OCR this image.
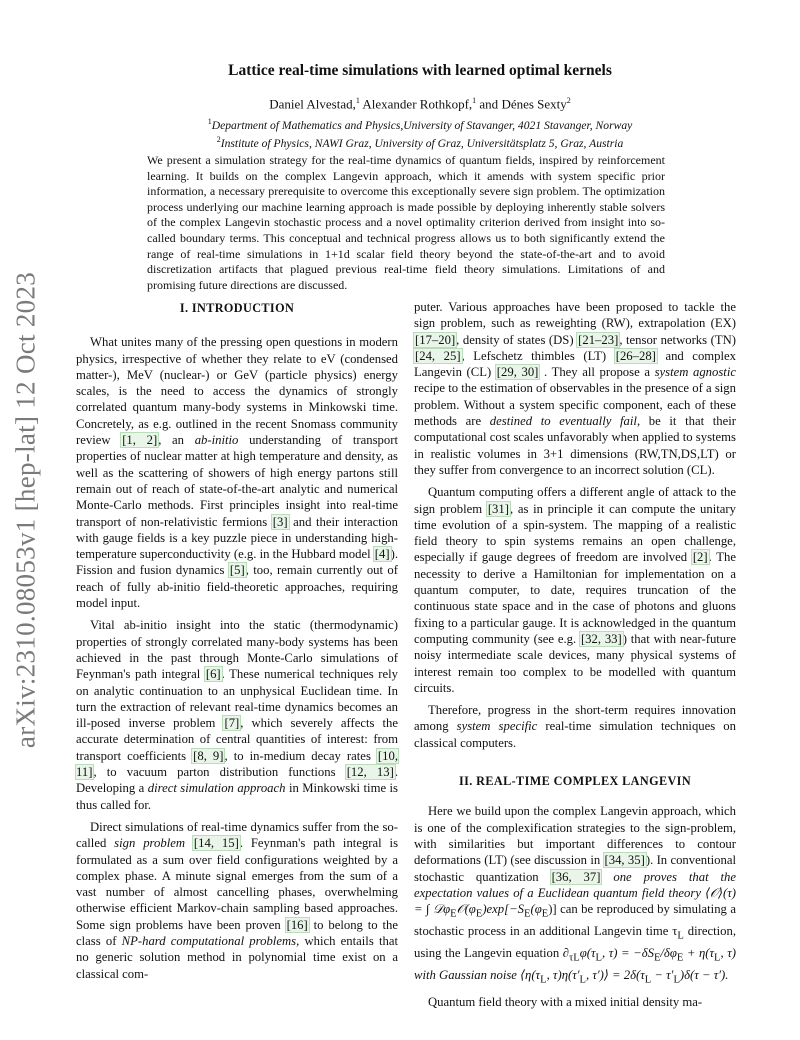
arXiv:2310.08053v1 [hep-lat] 12 Oct 2023
Lattice real-time simulations with learned optimal kernels
Daniel Alvestad,$^1$ Alexander Rothkopf,$^1$ and Dénes Sexty$^2$
$^1$Department of Mathematics and Physics,University of Stavanger, 4021 Stavanger, Norway
$^2$Institute of Physics, NAWI Graz, University of Graz, Universitätsplatz 5, Graz, Austria
We present a simulation strategy for the real-time dynamics of quantum fields, inspired by reinforcement learning. It builds on the complex Langevin approach, which it amends with system specific prior information, a necessary prerequisite to overcome this exceptionally severe sign problem. The optimization process underlying our machine learning approach is made possible by deploying inherently stable solvers of the complex Langevin stochastic process and a novel optimality criterion derived from insight into so-called boundary terms. This conceptual and technical progress allows us to both significantly extend the range of real-time simulations in 1+1d scalar field theory beyond the state-of-the-art and to avoid discretization artifacts that plagued previous real-time field theory simulations. Limitations of and promising future directions are discussed.
I. INTRODUCTION

What unites many of the pressing open questions in modern physics, irrespective of whether they relate to eV (condensed matter-), MeV (nuclear-) or GeV (particle physics) energy scales, is the need to access the dynamics of strongly correlated quantum many-body systems in Minkowski time. Concretely, as e.g. outlined in the recent Snomass community review [1, 2], an ab-initio understanding of transport properties of nuclear matter at high temperature and density, as well as the scattering of showers of high energy partons still remain out of reach of state-of-the-art analytic and numerical Monte-Carlo methods. First principles insight into real-time transport of non-relativistic fermions [3] and their interaction with gauge fields is a key puzzle piece in understanding high-temperature superconductivity (e.g. in the Hubbard model [4]). Fission and fusion dynamics [5], too, remain currently out of reach of fully ab-initio field-theoretic approaches, requiring model input.

Vital ab-initio insight into the static (thermodynamic) properties of strongly correlated many-body systems has been achieved in the past through Monte-Carlo simulations of Feynman's path integral [6]. These numerical techniques rely on analytic continuation to an unphysical Euclidean time. In turn the extraction of relevant real-time dynamics becomes an ill-posed inverse problem [7], which severely affects the accurate determination of central quantities of interest: from transport coefficients [8, 9], to in-medium decay rates [10, 11], to vacuum parton distribution functions [12, 13]. Developing a direct simulation approach in Minkowski time is thus called for.

Direct simulations of real-time dynamics suffer from the so-called sign problem [14, 15]. Feynman's path integral is formulated as a sum over field configurations weighted by a complex phase. A minute signal emerges from the sum of a vast number of almost cancelling phases, overwhelming otherwise efficient Markov-chain sampling based approaches. Some sign problems have been proven [16] to belong to the class of NP-hard computational problems, which entails that no generic solution method in polynomial time exist on a classical com-

puter. Various approaches have been proposed to tackle the sign problem, such as reweighting (RW), extrapolation (EX) [17–20], density of states (DS) [21–23], tensor networks (TN) [24, 25], Lefschetz thimbles (LT) [26–28] and complex Langevin (CL) [29, 30] . They all propose a system agnostic recipe to the estimation of observables in the presence of a sign problem. Without a system specific component, each of these methods are destined to eventually fail, be it that their computational cost scales unfavorably when applied to systems in realistic volumes in 3+1 dimensions (RW,TN,DS,LT) or they suffer from convergence to an incorrect solution (CL).

Quantum computing offers a different angle of attack to the sign problem [31], as in principle it can compute the unitary time evolution of a spin-system. The mapping of a realistic field theory to spin systems remains an open challenge, especially if gauge degrees of freedom are involved [2]. The necessity to derive a Hamiltonian for implementation on a quantum computer, to date, requires truncation of the continuous state space and in the case of photons and gluons fixing to a particular gauge. It is acknowledged in the quantum computing community (see e.g. [32, 33]) that with near-future noisy intermediate scale devices, many physical systems of interest remain too complex to be modelled with quantum circuits.

Therefore, progress in the short-term requires innovation among system specific real-time simulation techniques on classical computers.

II. REAL-TIME COMPLEX LANGEVIN

Here we build upon the complex Langevin approach, which is one of the complexification strategies to the sign-problem, with similarities but important differences to contour deformations (LT) (see discussion in [34, 35]). In conventional stochastic quantization [36, 37] one proves that the expectation values of a Euclidean quantum field theory ⟨𝒪⟩(τ) = ∫ $𝒟\varphi_E𝒪(\varphi_E)\exp[-S_E(\varphi_E)]$ can be reproduced by simulating a stochastic process in an additional Langevin time $\tau_L$ direction, using the Langevin equation $\partial_{\tau L}\varphi(\tau_L$, $\tau) = -\delta S_E/\delta\varphi_E + \eta(\tau_L$, τ) with Gaussian noise $⟨\eta(\tau_L$, $\tau)\eta(\tau'_L$, τ′)⟩ = $2\delta(\tau_L - \tau'_L)\delta(\tau - \tau')$.

Quantum field theory with a mixed initial density ma-
